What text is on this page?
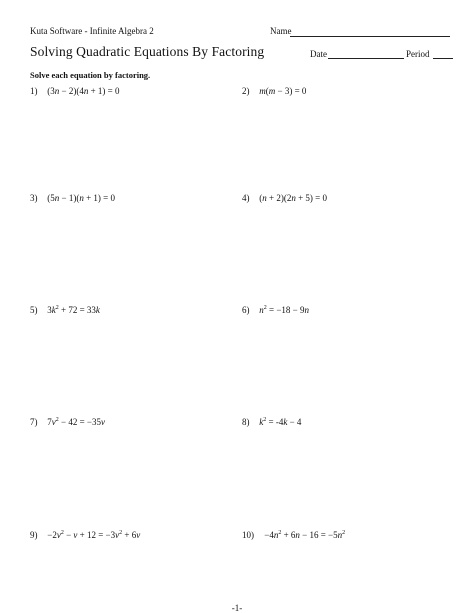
Kuta Software - Infinite Algebra 2	Name
Solving Quadratic Equations By Factoring	Date	Period
Solve each equation by factoring.
1) (3n − 2)(4n + 1) = 0	2) m(m − 3) = 0
3) (5n − 1)(n + 1) = 0	4) (n + 2)(2n + 5) = 0
5) $3k^2 + 72 = 33k$	6) $n^2 = -18 - 9n$
7) $7v^2 - 42 = -35v$	8) $k^2 = -4k - 4$
$9) -2v^2 - v + 12 = -3v^2 + 6v$	$10) -4n^2 + 6n - 16 = -5n^2$
-1-
